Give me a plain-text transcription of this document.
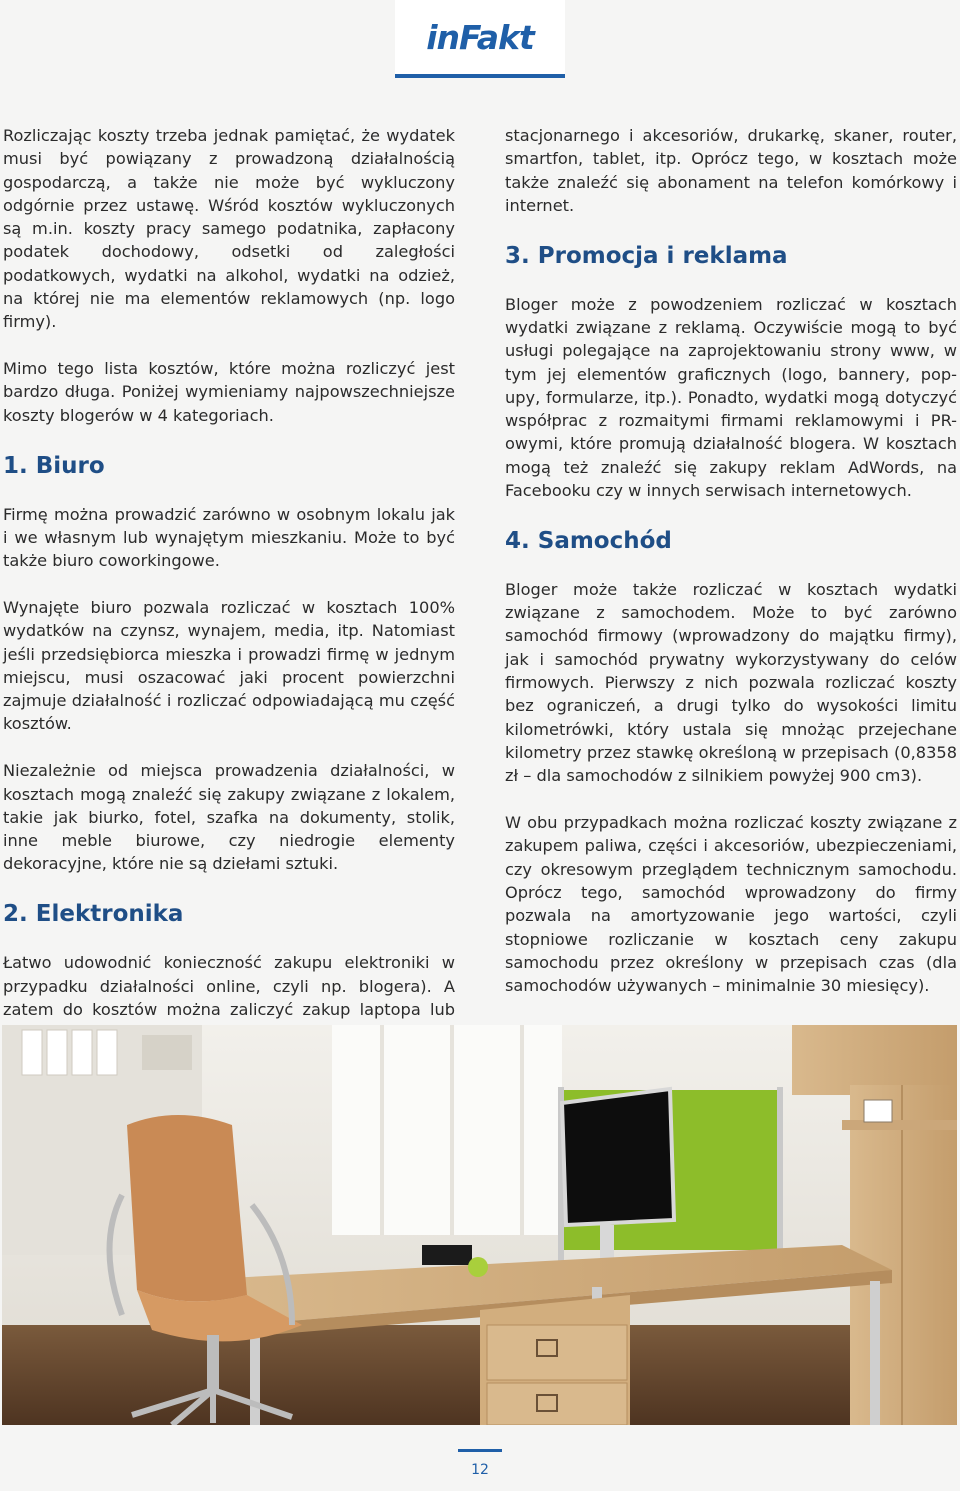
inFakt

Rozliczając koszty trzeba jednak pamiętać, że wydatek musi być powiązany z prowadzoną działalnością gospodarczą, a także nie może być wykluczony odgórnie przez ustawę. Wśród kosztów wykluczonych są m.in. koszty pracy samego podatnika, zapłacony podatek dochodowy, odsetki od zaległości podatkowych, wydatki na alkohol, wydatki na odzież, na której nie ma elementów reklamowych (np. logo firmy).

Mimo tego lista kosztów, które można rozliczyć jest bardzo długa. Poniżej wymieniamy najpowszechniejsze koszty blogerów w 4 kategoriach.

1. Biuro

Firmę można prowadzić zarówno w osobnym lokalu jak i we własnym lub wynajętym mieszkaniu. Może to być także biuro coworkingowe.

Wynajęte biuro pozwala rozliczać w kosztach 100% wydatków na czynsz, wynajem, media, itp. Natomiast jeśli przedsiębiorca mieszka i prowadzi firmę w jednym miejscu, musi oszacować jaki procent powierzchni zajmuje działalność i rozliczać odpowiadającą mu część kosztów.

Niezależnie od miejsca prowadzenia działalności, w kosztach mogą znaleźć się zakupy związane z lokalem, takie jak biurko, fotel, szafka na dokumenty, stolik, inne meble biurowe, czy niedrogie elementy dekoracyjne, które nie są dziełami sztuki.

2. Elektronika

Łatwo udowodnić konieczność zakupu elektroniki w przypadku działalności online, czyli np. blogera). A zatem do kosztów można zaliczyć zakup laptopa lub

stacjonarnego i akcesoriów, drukarkę, skaner, router, smartfon, tablet, itp. Oprócz tego, w kosztach może także znaleźć się abonament na telefon komórkowy i internet.

3. Promocja i reklama

Bloger może z powodzeniem rozliczać w kosztach wydatki związane z reklamą. Oczywiście mogą to być usługi polegające na zaprojektowaniu strony www, w tym jej elementów graficznych (logo, bannery, pop-upy, formularze, itp.). Ponadto, wydatki mogą dotyczyć współprac z rozmaitymi firmami reklamowymi i PR-owymi, które promują działalność blogera. W kosztach mogą też znaleźć się zakupy reklam AdWords, na Facebooku czy w innych serwisach internetowych.

4. Samochód

Bloger może także rozliczać w kosztach wydatki związane z samochodem. Może to być zarówno samochód firmowy (wprowadzony do majątku firmy), jak i samochód prywatny wykorzystywany do celów firmowych. Pierwszy z nich pozwala rozliczać koszty bez ograniczeń, a drugi tylko do wysokości limitu kilometrówki, który ustala się mnożąc przejechane kilometry przez stawkę określoną w przepisach (0,8358 zł – dla samochodów z silnikiem powyżej 900 cm3).

W obu przypadkach można rozliczać koszty związane z zakupem paliwa, części i akcesoriów, ubezpieczeniami, czy okresowym przeglądem technicznym samochodu. Oprócz tego, samochód wprowadzony do firmy pozwala na amortyzowanie jego wartości, czyli stopniowe rozliczanie w kosztach ceny zakupu samochodu przez określony w przepisach czas (dla samochodów używanych – minimalnie 30 miesięcy).

12
